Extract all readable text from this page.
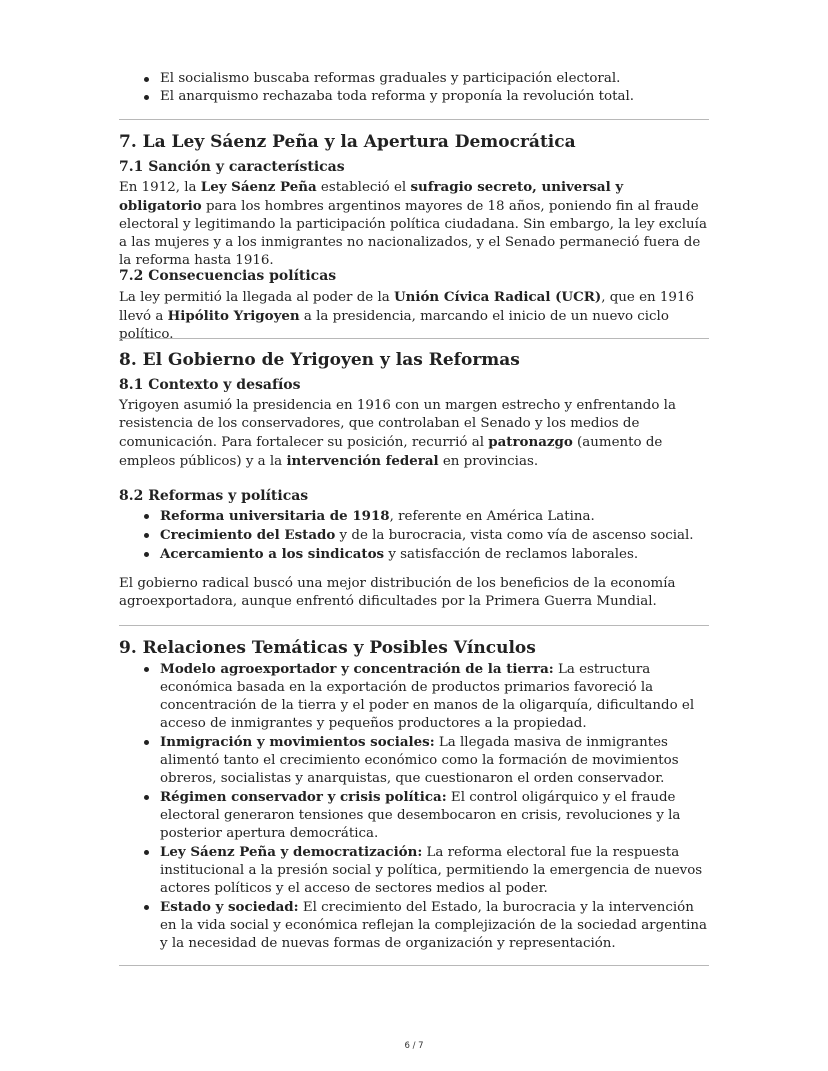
El socialismo buscaba reformas graduales y participación electoral.
El anarquismo rechazaba toda reforma y proponía la revolución total.
7. La Ley Sáenz Peña y la Apertura Democrática
7.1 Sanción y características

En 1912, la Ley Sáenz Peña estableció el sufragio secreto, universal y obligatorio para los hombres argentinos mayores de 18 años, poniendo fin al fraude electoral y legitimando la participación política ciudadana. Sin embargo, la ley excluía a las mujeres y a los inmigrantes no nacionalizados, y el Senado permaneció fuera de la reforma hasta 1916.

7.2 Consecuencias políticas

La ley permitió la llegada al poder de la Unión Cívica Radical (UCR), que en 1916 llevó a Hipólito Yrigoyen a la presidencia, marcando el inicio de un nuevo ciclo político.

8. El Gobierno de Yrigoyen y las Reformas
8.1 Contexto y desafíos

Yrigoyen asumió la presidencia en 1916 con un margen estrecho y enfrentando la resistencia de los conservadores, que controlaban el Senado y los medios de comunicación. Para fortalecer su posición, recurrió al patronazgo (aumento de empleos públicos) y a la intervención federal en provincias.

8.2 Reformas y políticas
Reforma universitaria de 1918, referente en América Latina.
Crecimiento del Estado y de la burocracia, vista como vía de ascenso social.
Acercamiento a los sindicatos y satisfacción de reclamos laborales.

El gobierno radical buscó una mejor distribución de los beneficios de la economía agroexportadora, aunque enfrentó dificultades por la Primera Guerra Mundial.

9. Relaciones Temáticas y Posibles Vínculos
Modelo agroexportador y concentración de la tierra: La estructura económica basada en la exportación de productos primarios favoreció la concentración de la tierra y el poder en manos de la oligarquía, dificultando el acceso de inmigrantes y pequeños productores a la propiedad.
Inmigración y movimientos sociales: La llegada masiva de inmigrantes alimentó tanto el crecimiento económico como la formación de movimientos obreros, socialistas y anarquistas, que cuestionaron el orden conservador.
Régimen conservador y crisis política: El control oligárquico y el fraude electoral generaron tensiones que desembocaron en crisis, revoluciones y la posterior apertura democrática.
Ley Sáenz Peña y democratización: La reforma electoral fue la respuesta institucional a la presión social y política, permitiendo la emergencia de nuevos actores políticos y el acceso de sectores medios al poder.
Estado y sociedad: El crecimiento del Estado, la burocracia y la intervención en la vida social y económica reflejan la complejización de la sociedad argentina y la necesidad de nuevas formas de organización y representación.
6 / 7
